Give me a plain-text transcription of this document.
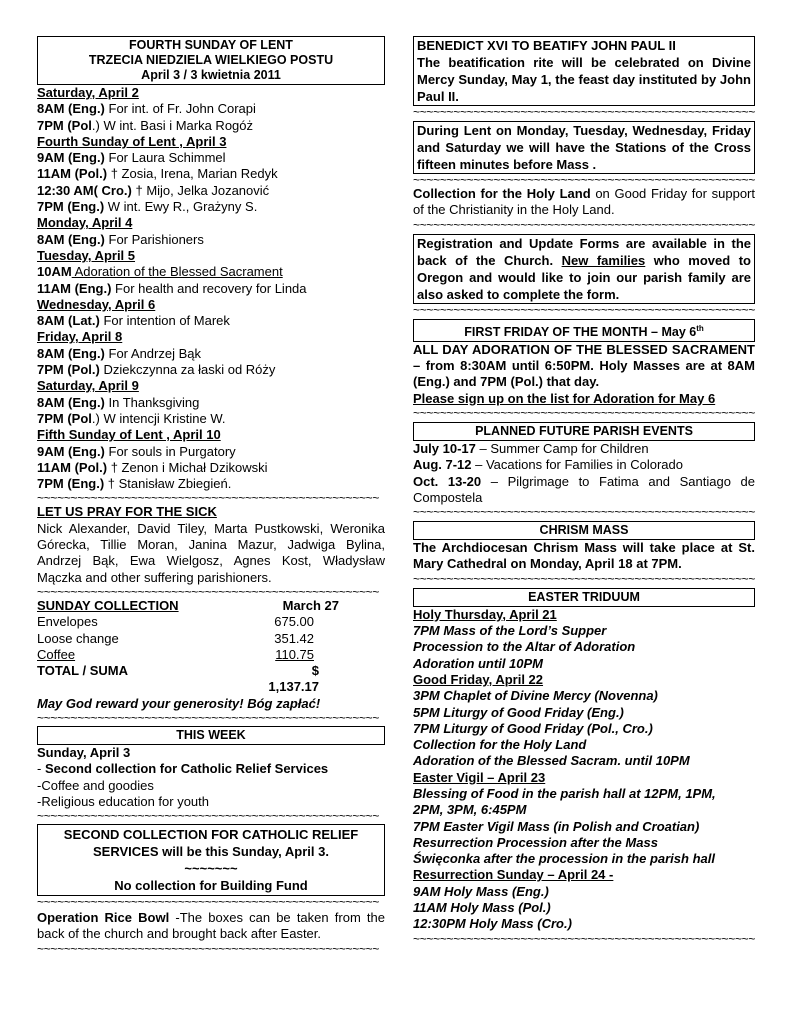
FOURTH SUNDAY OF LENT
TRZECIA NIEDZIELA WIELKIEGO POSTU
April 3 / 3 kwietnia 2011
Saturday, April 2
8AM (Eng.) For int. of Fr. John Corapi
7PM (Pol.) W int. Basi i Marka Rogóż
Fourth Sunday of Lent , April 3
9AM (Eng.) For Laura Schimmel
11AM (Pol.) † Zosia, Irena, Marian Redyk
12:30 AM( Cro.) † Mijo, Jelka Jozanović
7PM (Eng.) W int. Ewy R., Grażyny S.
Monday, April 4
8AM (Eng.) For Parishioners
Tuesday, April 5
10AM Adoration of the Blessed Sacrament
11AM (Eng.) For health and recovery for Linda
Wednesday, April 6
8AM (Lat.) For intention of Marek
Friday, April 8
8AM (Eng.) For Andrzej Bąk
7PM (Pol.) Dziekczynna za łaski od Róży
Saturday, April 9
8AM (Eng.) In Thanksgiving
7PM (Pol.) W intencji Kristine W.
Fifth Sunday of Lent , April 10
9AM (Eng.) For souls in Purgatory
11AM (Pol.) † Zenon i Michał Dzikowski
7PM (Eng.) † Stanisław Zbiegień.
~~~~~~~~~~~~~~~~~~~~~~~~~~~~~~~~~~~~~~~~~~~~~~~~~~~
LET US PRAY FOR THE SICK
Nick Alexander, David Tiley, Marta Pustkowski, Weronika Górecka, Tillie Moran, Janina Mazur, Jadwiga Bylina, Andrzej Bąk, Ewa Wielgosz, Agnes Kost, Władysław Mączka and other suffering parishioners.
~~~~~~~~~~~~~~~~~~~~~~~~~~~~~~~~~~~~~~~~~~~~~~~~~~~
SUNDAY COLLECTION	March 27
Envelopes	675.00
Loose change	351.42
Coffee	110.75
TOTAL / SUMA	$ 1,137.17
May God reward your generosity! Bóg zapłać!
~~~~~~~~~~~~~~~~~~~~~~~~~~~~~~~~~~~~~~~~~~~~~~~~~~~
THIS WEEK
Sunday, April 3
- Second collection for Catholic Relief Services
-Coffee and goodies
-Religious education for youth
~~~~~~~~~~~~~~~~~~~~~~~~~~~~~~~~~~~~~~~~~~~~~~~~~~~
SECOND COLLECTION FOR CATHOLIC RELIEF
SERVICES will be this Sunday, April 3.
~~~~~~~
No collection for Building Fund
~~~~~~~~~~~~~~~~~~~~~~~~~~~~~~~~~~~~~~~~~~~~~~~~~~~
Operation Rice Bowl -The boxes can be taken from the back of the church and brought back after Easter.
~~~~~~~~~~~~~~~~~~~~~~~~~~~~~~~~~~~~~~~~~~~~~~~~~~~
BENEDICT XVI TO BEATIFY JOHN PAUL II
The beatification rite will be celebrated on Divine Mercy Sunday, May 1, the feast day instituted by John Paul II.
~~~~~~~~~~~~~~~~~~~~~~~~~~~~~~~~~~~~~~~~~~~~~~~~~~~
During Lent on Monday, Tuesday, Wednesday, Friday and Saturday we will have the Stations of the Cross fifteen minutes before Mass .
~~~~~~~~~~~~~~~~~~~~~~~~~~~~~~~~~~~~~~~~~~~~~~~~~~~
Collection for the Holy Land on Good Friday for support of the Christianity in the Holy Land.
~~~~~~~~~~~~~~~~~~~~~~~~~~~~~~~~~~~~~~~~~~~~~~~~~~~
Registration and Update Forms are available in the back of the Church. New families who moved to Oregon and would like to join our parish family are also asked to complete the form.
~~~~~~~~~~~~~~~~~~~~~~~~~~~~~~~~~~~~~~~~~~~~~~~~~~~
FIRST FRIDAY OF THE MONTH – May 6th
ALL DAY ADORATION OF THE BLESSED SACRAMENT – from 8:30AM until 6:50PM. Holy Masses are at 8AM (Eng.) and 7PM (Pol.) that day.
Please sign up on the list for Adoration for May 6
~~~~~~~~~~~~~~~~~~~~~~~~~~~~~~~~~~~~~~~~~~~~~~~~~~~
PLANNED FUTURE PARISH EVENTS
July 10-17 – Summer Camp for Children
Aug. 7-12 – Vacations for Families in Colorado
Oct. 13-20 – Pilgrimage to Fatima and Santiago de Compostela
~~~~~~~~~~~~~~~~~~~~~~~~~~~~~~~~~~~~~~~~~~~~~~~~~~~
CHRISM MASS
The Archdiocesan Chrism Mass will take place at St. Mary Cathedral on Monday, April 18 at 7PM.
~~~~~~~~~~~~~~~~~~~~~~~~~~~~~~~~~~~~~~~~~~~~~~~~~~~
EASTER TRIDUUM
Holy Thursday, April 21
7PM Mass of the Lord’s Supper
Procession to the Altar of Adoration
Adoration until 10PM
Good Friday, April 22
3PM Chaplet of Divine Mercy (Novenna)
5PM Liturgy of Good Friday (Eng.)
7PM Liturgy of Good Friday (Pol., Cro.)
Collection for the Holy Land
Adoration of the Blessed Sacram. until 10PM
Easter Vigil – April 23
Blessing of Food in the parish hall at 12PM, 1PM,
2PM, 3PM, 6:45PM
7PM Easter Vigil Mass (in Polish and Croatian)
Resurrection Procession after the Mass
Święconka after the procession in the parish hall
Resurrection Sunday – April 24 -
9AM Holy Mass (Eng.)
11AM Holy Mass (Pol.)
12:30PM Holy Mass (Cro.)
~~~~~~~~~~~~~~~~~~~~~~~~~~~~~~~~~~~~~~~~~~~~~~~~~~~
